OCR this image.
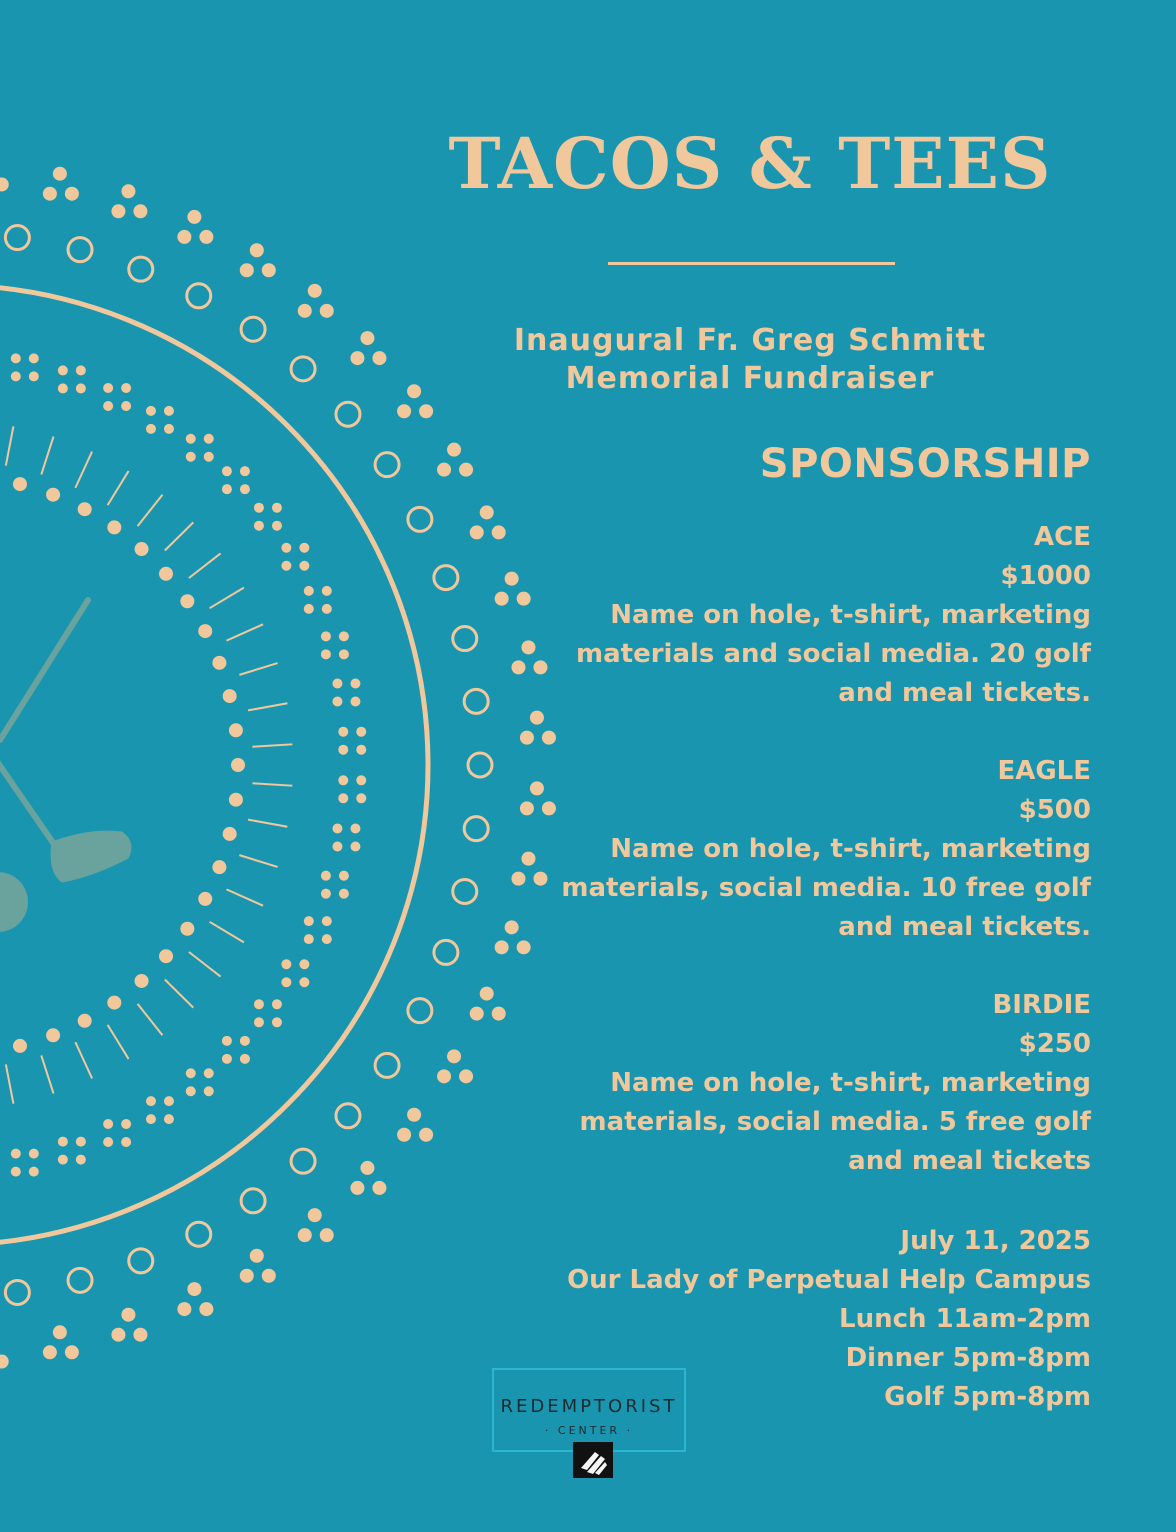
TACOS & TEES
Inaugural Fr. Greg Schmitt
Memorial Fundraiser
SPONSORSHIP
ACE
$1000
Name on hole, t-shirt, marketing
materials and social media. 20 golf
and meal tickets.
EAGLE
$500
Name on hole, t-shirt, marketing
materials, social media. 10 free golf
and meal tickets.
BIRDIE
$250
Name on hole, t-shirt, marketing
materials, social media. 5 free golf
and meal tickets
July 11, 2025
Our Lady of Perpetual Help Campus
Lunch 11am-2pm
Dinner 5pm-8pm
Golf 5pm-8pm
REDEMPTORIST
· CENTER ·
